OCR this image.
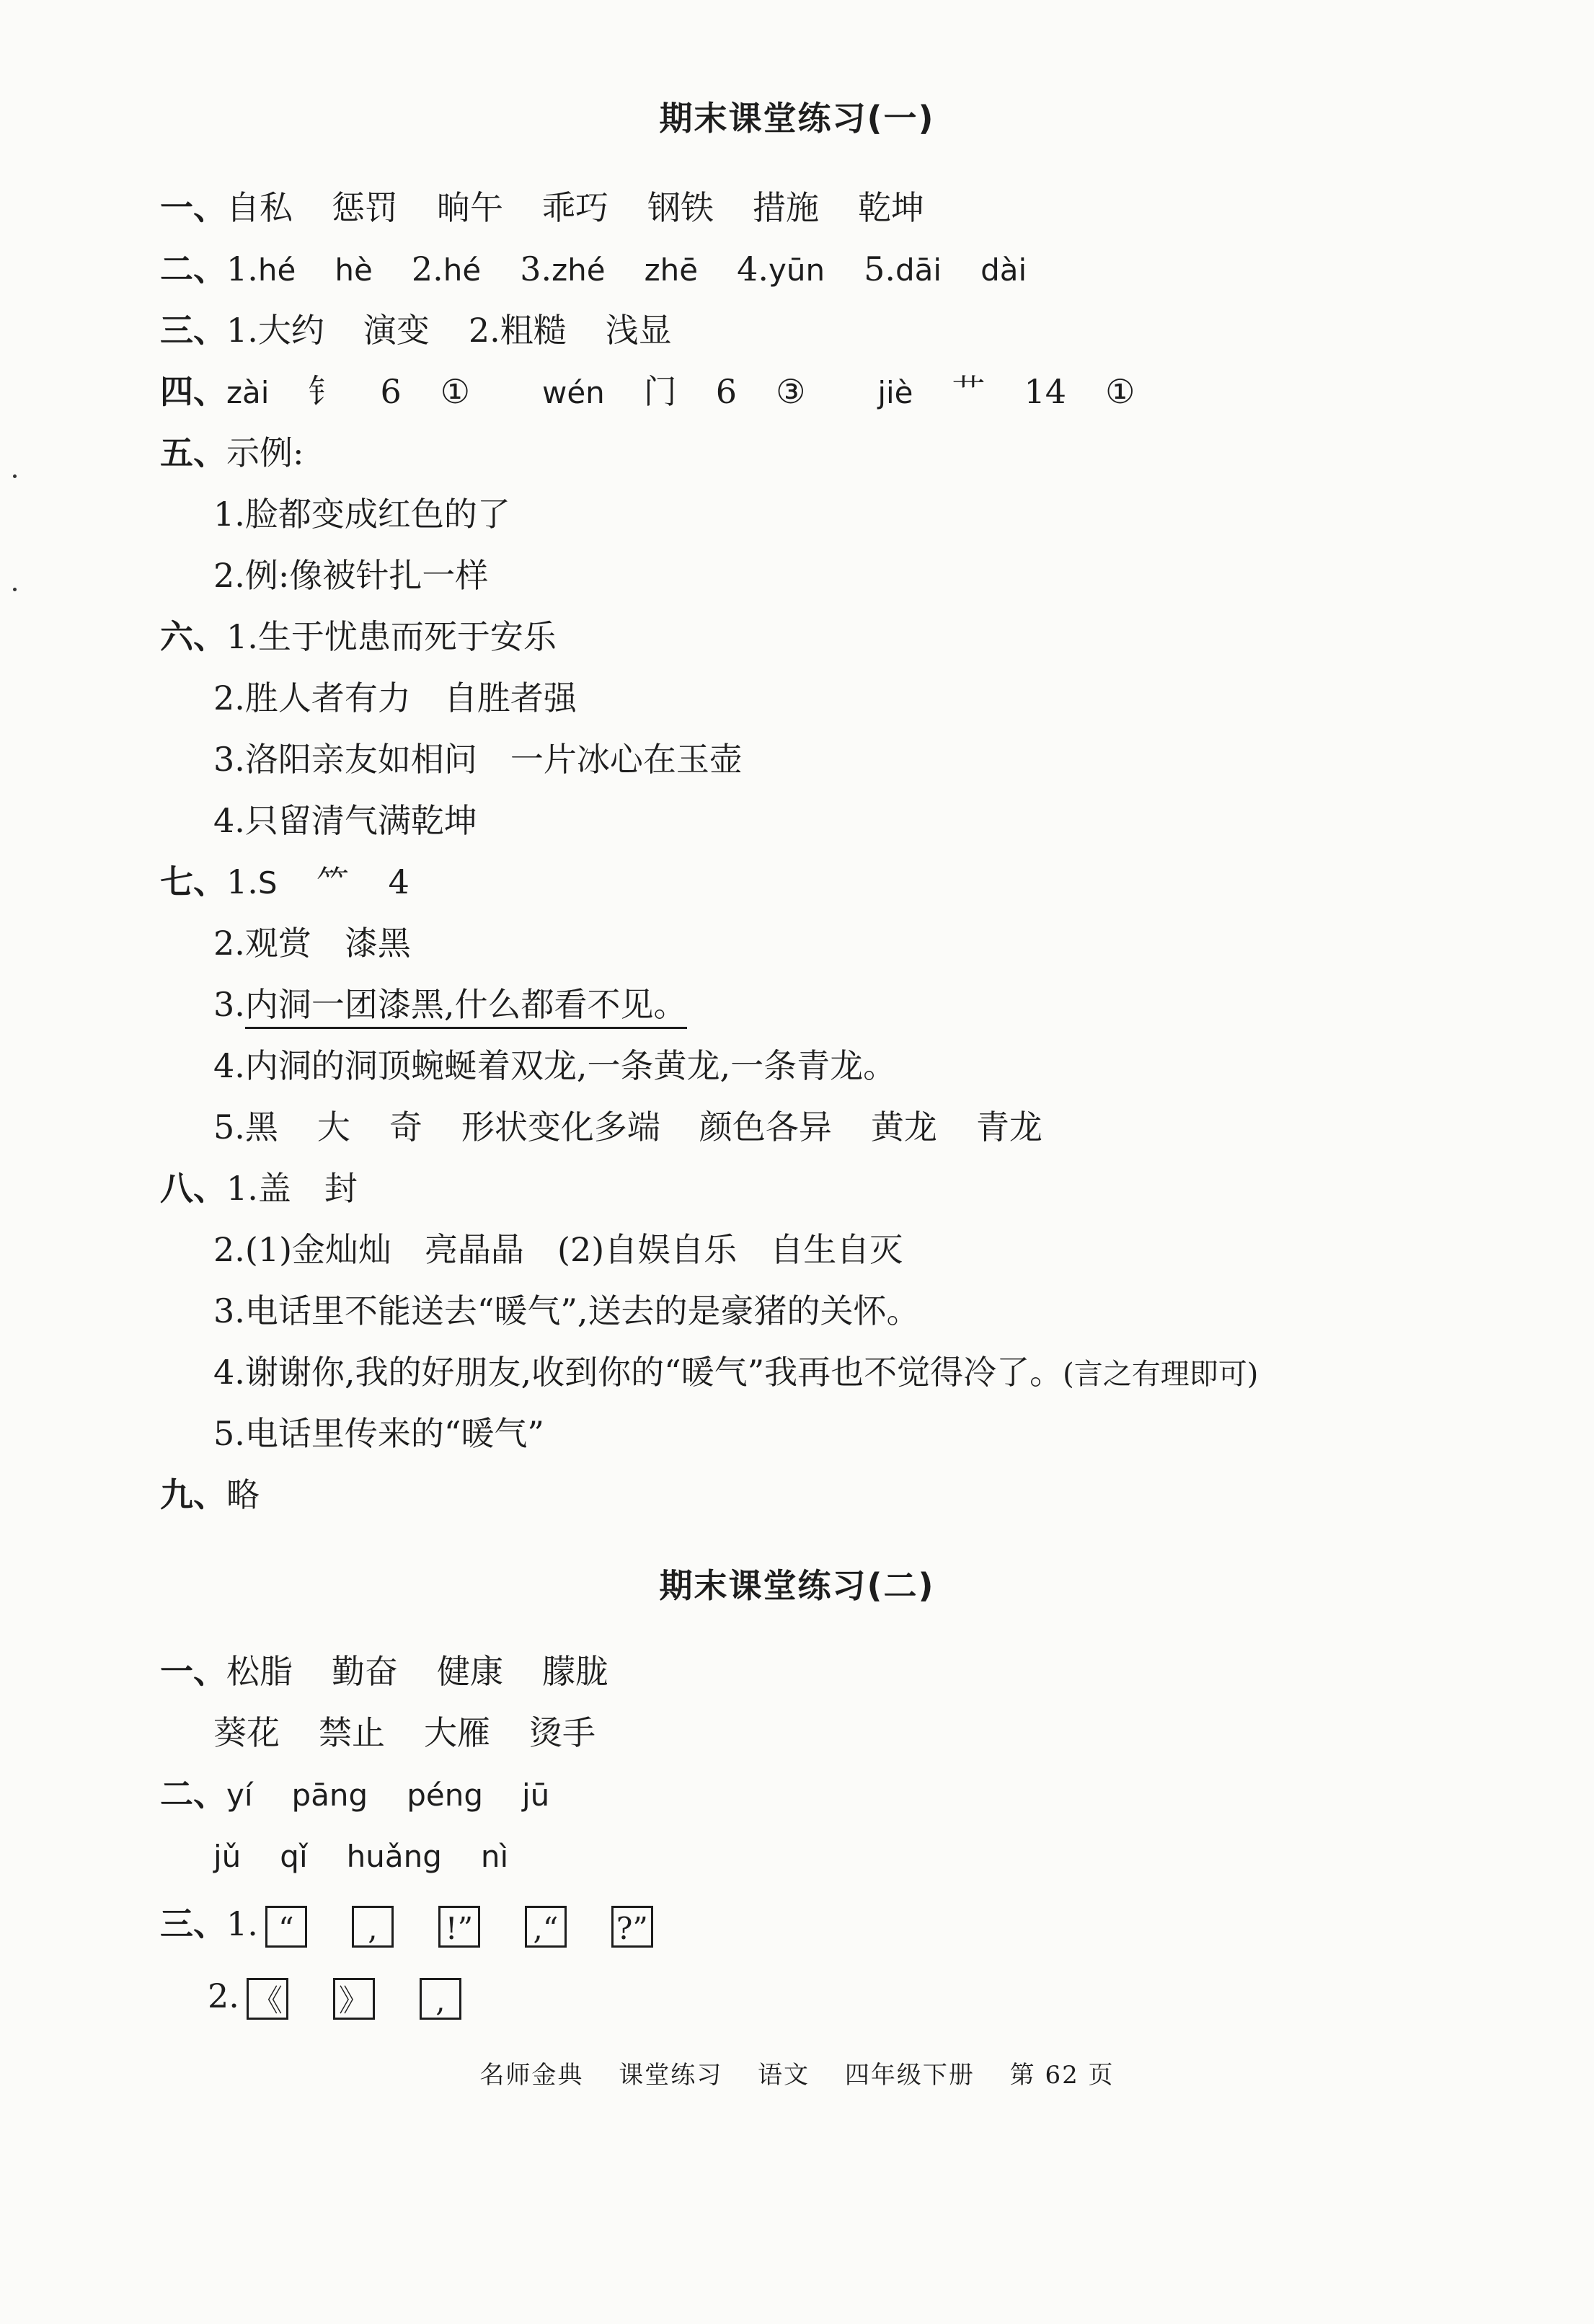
期末课堂练习(一)
一、自私 惩罚 晌午 乖巧 钢铁 措施 乾坤
二、1.hé hè 2.hé 3.zhé zhē 4.yūn 5.dāi dài
三、1.大约 演变 2.粗糙 浅显
四、zài 钅 6 ① wén 门 6 ③ jiè 艹 14 ①
五、示例:
1.脸都变成红色的了
2.例:像被针扎一样
六、1.生于忧患而死于安乐
2.胜人者有力　自胜者强
3.洛阳亲友如相问　一片冰心在玉壶
4.只留清气满乾坤
七、1.S ⺮ 4
2.观赏　漆黑
3.内洞一团漆黑,什么都看不见。
4.内洞的洞顶蜿蜒着双龙,一条黄龙,一条青龙。
5.黑 大 奇 形状变化多端 颜色各异 黄龙 青龙
八、1.盖　封
2.(1)金灿灿　亮晶晶　(2)自娱自乐　自生自灭
3.电话里不能送去“暖气”,送去的是豪猪的关怀。
4.谢谢你,我的好朋友,收到你的“暖气”我再也不觉得冷了。(言之有理即可)
5.电话里传来的“暖气”
九、略
期末课堂练习(二)
一、松脂 勤奋 健康 朦胧
葵花 禁止 大雁 烫手
二、yí pāng péng jū
jǔ qǐ huǎng nì
三、1. “ , !” ,“ ?”
2. 《 》 ,
名师金典 课堂练习 语文 四年级下册 第 62 页
